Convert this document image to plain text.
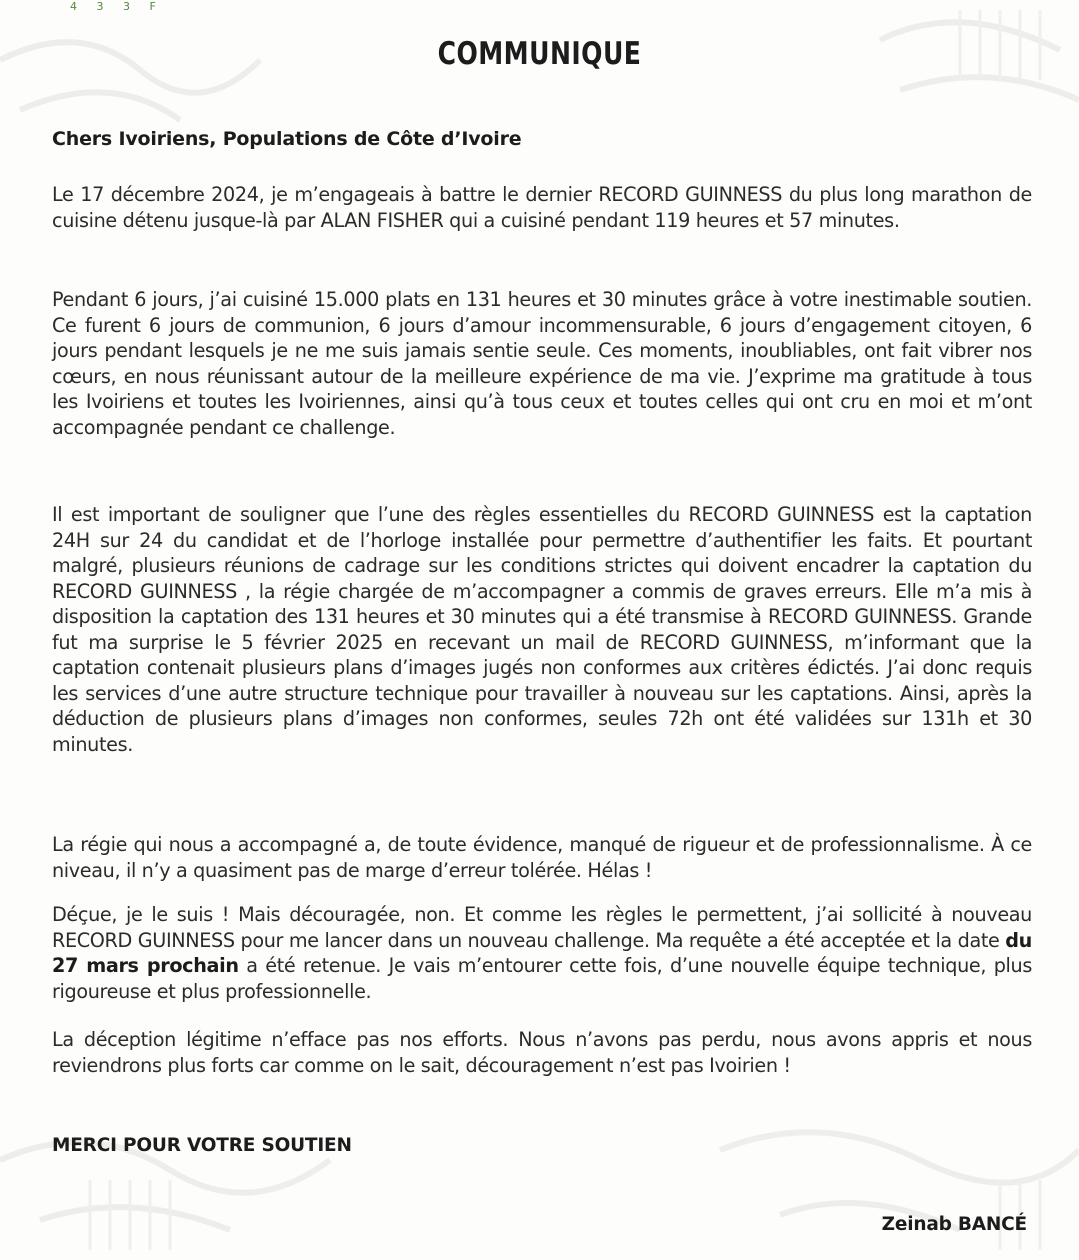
4 3 3 F
COMMUNIQUE
Chers Ivoiriens, Populations de Côte d’Ivoire

Le 17 décembre 2024, je m’engageais à battre le dernier RECORD GUINNESS du plus long marathon de cuisine détenu jusque-là par ALAN FISHER qui a cuisiné pendant 119 heures et 57 minutes.

Pendant 6 jours, j’ai cuisiné 15.000 plats en 131 heures et 30 minutes grâce à votre inestimable soutien. Ce furent 6 jours de communion, 6 jours d’amour incommensurable, 6 jours d’engagement citoyen, 6 jours pendant lesquels je ne me suis jamais sentie seule. Ces moments, inoubliables, ont fait vibrer nos cœurs, en nous réunissant autour de la meilleure expérience de ma vie. J’exprime ma gratitude à tous les Ivoiriens et toutes les Ivoiriennes, ainsi qu’à tous ceux et toutes celles qui ont cru en moi et m’ont accompagnée pendant ce challenge.

Il est important de souligner que l’une des règles essentielles du RECORD GUINNESS est la captation 24H sur 24 du candidat et de l’horloge installée pour permettre d’authentifier les faits. Et pourtant malgré, plusieurs réunions de cadrage sur les conditions strictes qui doivent encadrer la captation du RECORD GUINNESS , la régie chargée de m’accompagner a commis de graves erreurs. Elle m’a mis à disposition la captation des 131 heures et 30 minutes qui a été transmise à RECORD GUINNESS. Grande fut ma surprise le 5 février 2025 en recevant un mail de RECORD GUINNESS, m’informant que la captation contenait plusieurs plans d’images jugés non conformes aux critères édictés. J’ai donc requis les services d’une autre structure technique pour travailler à nouveau sur les captations. Ainsi, après la déduction de plusieurs plans d’images non conformes, seules 72h ont été validées sur 131h et 30 minutes.

La régie qui nous a accompagné a, de toute évidence, manqué de rigueur et de professionnalisme. À ce niveau, il n’y a quasiment pas de marge d’erreur tolérée. Hélas !

Déçue, je le suis ! Mais découragée, non. Et comme les règles le permettent, j’ai sollicité à nouveau RECORD GUINNESS pour me lancer dans un nouveau challenge. Ma requête a été acceptée et la date du 27 mars prochain a été retenue. Je vais m’entourer cette fois, d’une nouvelle équipe technique, plus rigoureuse et plus professionnelle.

La déception légitime n’efface pas nos efforts. Nous n’avons pas perdu, nous avons appris et nous reviendrons plus forts car comme on le sait, découragement n’est pas Ivoirien !

MERCI POUR VOTRE SOUTIEN
Zeinab BANCÉ
